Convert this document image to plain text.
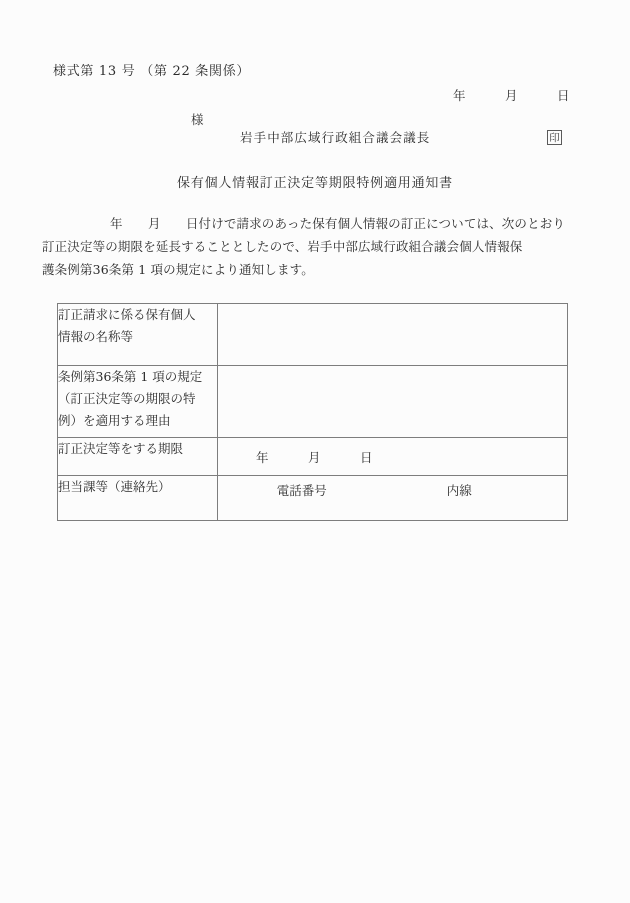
様式第 13 号 （第 22 条関係）
年　　　月　　　日
様
岩手中部広域行政組合議会議長	印
保有個人情報訂正決定等期限特例適用通知書
年　　月　　日付けで請求のあった保有個人情報の訂正については、次のとおり
訂正決定等の期限を延長することとしたので、岩手中部広域行政組合議会個人情報保
護条例第36条第 1 項の規定により通知します。
訂正請求に係る保有個人
情報の名称等	

条例第36条第 1 項の規定
（訂正決定等の期限の特
例）を適用する理由	

訂正決定等をする期限	年　　　月　　　日

担当課等（連絡先）	電話番号 内線
